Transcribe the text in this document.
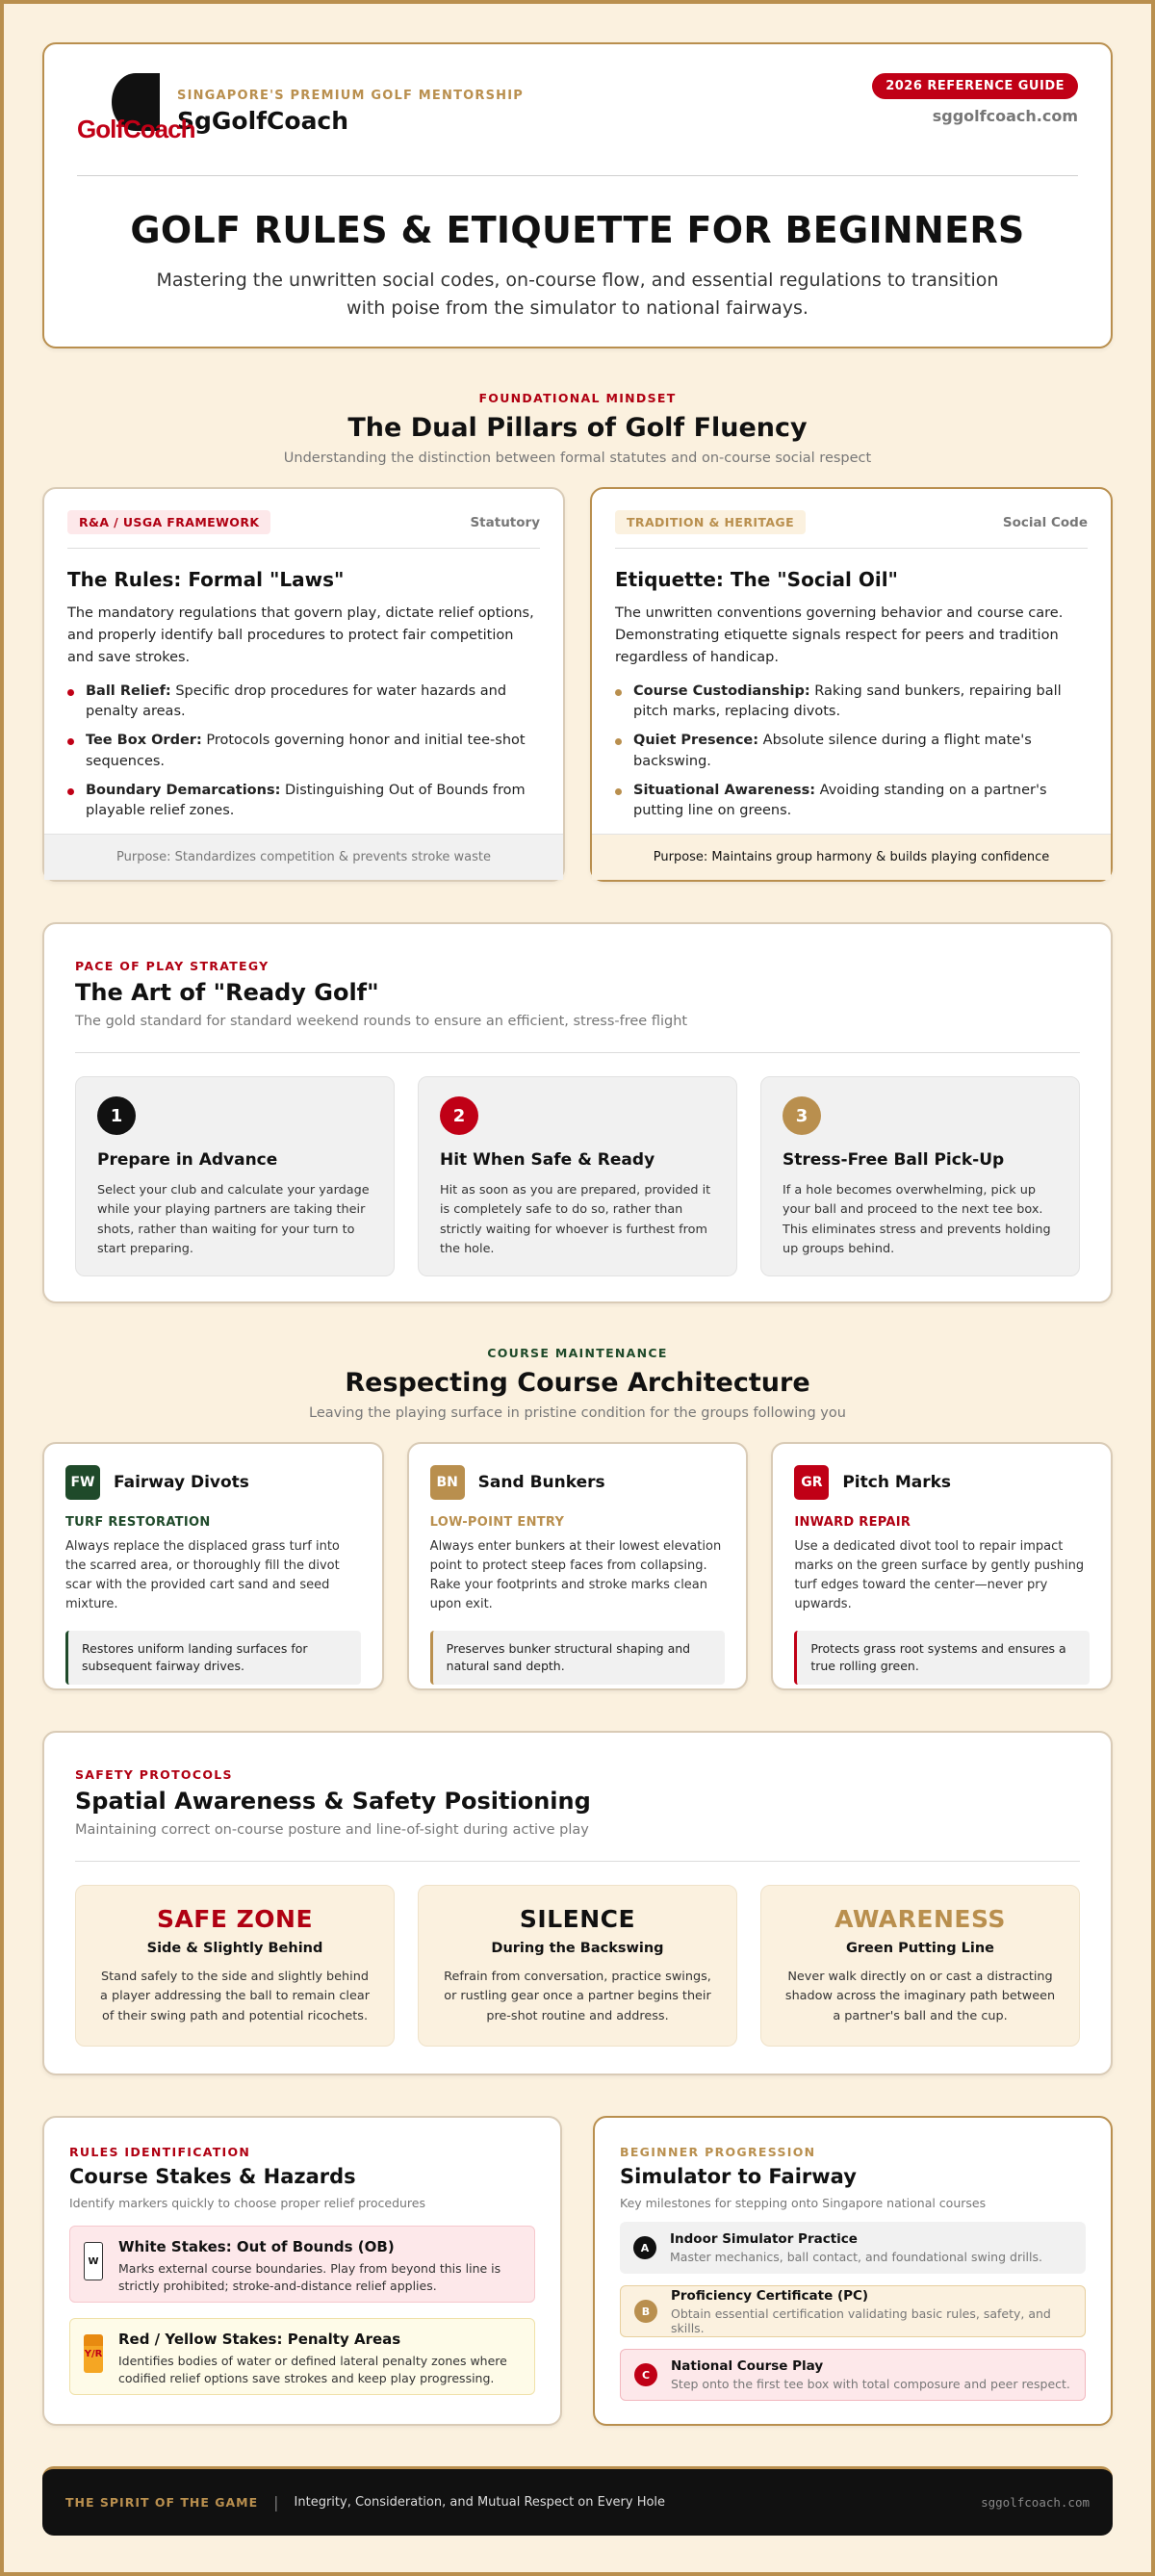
GolfCoach
SINGAPORE'S PREMIUM GOLF MENTORSHIP
SgGolfCoach
2026 REFERENCE GUIDE
sggolfcoach.com
GOLF RULES & ETIQUETTE FOR BEGINNERS
Mastering the unwritten social codes, on-course flow, and essential regulations to transition with poise from the simulator to national fairways.
FOUNDATIONAL MINDSET
The Dual Pillars of Golf Fluency
Understanding the distinction between formal statutes and on-course social respect
R&A / USGA FRAMEWORK	Statutory
The Rules: Formal "Laws"
The mandatory regulations that govern play, dictate relief options, and properly identify ball procedures to protect fair competition and save strokes.
Ball Relief: Specific drop procedures for water hazards and penalty areas.
Tee Box Order: Protocols governing honor and initial tee-shot sequences.
Boundary Demarcations: Distinguishing Out of Bounds from playable relief zones.
Purpose: Standardizes competition & prevents stroke waste
TRADITION & HERITAGE	Social Code
Etiquette: The "Social Oil"
The unwritten conventions governing behavior and course care. Demonstrating etiquette signals respect for peers and tradition regardless of handicap.
Course Custodianship: Raking sand bunkers, repairing ball pitch marks, replacing divots.
Quiet Presence: Absolute silence during a flight mate's backswing.
Situational Awareness: Avoiding standing on a partner's putting line on greens.
Purpose: Maintains group harmony & builds playing confidence
PACE OF PLAY STRATEGY
The Art of "Ready Golf"
The gold standard for standard weekend rounds to ensure an efficient, stress-free flight
1
Prepare in Advance
Select your club and calculate your yardage while your playing partners are taking their shots, rather than waiting for your turn to start preparing.
2
Hit When Safe & Ready
Hit as soon as you are prepared, provided it is completely safe to do so, rather than strictly waiting for whoever is furthest from the hole.
3
Stress-Free Ball Pick-Up
If a hole becomes overwhelming, pick up your ball and proceed to the next tee box. This eliminates stress and prevents holding up groups behind.
COURSE MAINTENANCE
Respecting Course Architecture
Leaving the playing surface in pristine condition for the groups following you
FW	Fairway Divots
TURF RESTORATION
Always replace the displaced grass turf into the scarred area, or thoroughly fill the divot scar with the provided cart sand and seed mixture.
Restores uniform landing surfaces for subsequent fairway drives.
BN	Sand Bunkers
LOW-POINT ENTRY
Always enter bunkers at their lowest elevation point to protect steep faces from collapsing. Rake your footprints and stroke marks clean upon exit.
Preserves bunker structural shaping and natural sand depth.
GR	Pitch Marks
INWARD REPAIR
Use a dedicated divot tool to repair impact marks on the green surface by gently pushing turf edges toward the center—never pry upwards.
Protects grass root systems and ensures a true rolling green.
SAFETY PROTOCOLS
Spatial Awareness & Safety Positioning
Maintaining correct on-course posture and line-of-sight during active play
SAFE ZONE
Side & Slightly Behind
Stand safely to the side and slightly behind a player addressing the ball to remain clear of their swing path and potential ricochets.
SILENCE
During the Backswing
Refrain from conversation, practice swings, or rustling gear once a partner begins their pre-shot routine and address.
AWARENESS
Green Putting Line
Never walk directly on or cast a distracting shadow across the imaginary path between a partner's ball and the cup.
RULES IDENTIFICATION
Course Stakes & Hazards
Identify markers quickly to choose proper relief procedures
W
White Stakes: Out of Bounds (OB)
Marks external course boundaries. Play from beyond this line is strictly prohibited; stroke-and-distance relief applies.
Y/R
Red / Yellow Stakes: Penalty Areas
Identifies bodies of water or defined lateral penalty zones where codified relief options save strokes and keep play progressing.
BEGINNER PROGRESSION
Simulator to Fairway
Key milestones for stepping onto Singapore national courses
A
Indoor Simulator Practice
Master mechanics, ball contact, and foundational swing drills.
B
Proficiency Certificate (PC)
Obtain essential certification validating basic rules, safety, and skills.
C
National Course Play
Step onto the first tee box with total composure and peer respect.
THE SPIRIT OF THE GAME | Integrity, Consideration, and Mutual Respect on Every Hole	sggolfcoach.com
